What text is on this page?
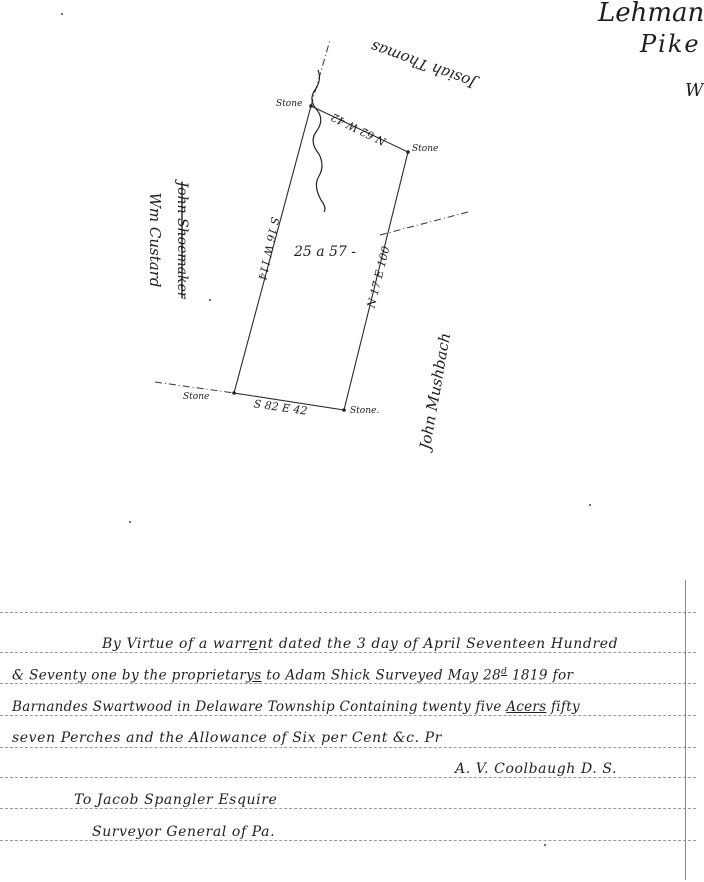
Lehman
Pike
W
Josiah Thomas
Wm Custard John Shoemaker
John Mushbach
25 a 57 -
N 62 W 42
N 17 E 100
S 82 E 42
S 16 W 114
Stone
Stone
Stone
Stone.
By Virtue of a warrent dated the 3 day of April Seventeen Hundred
& Seventy one by the proprietarys to Adam Shick Surveyed May 28$^d$ 1819 for
Barnandes Swartwood in Delaware Township Containing twenty five Acers fifty
seven Perches and the Allowance of Six per Cent &c. Pr
A. V. Coolbaugh D. S.
To Jacob Spangler Esquire
Surveyor General of Pa.
